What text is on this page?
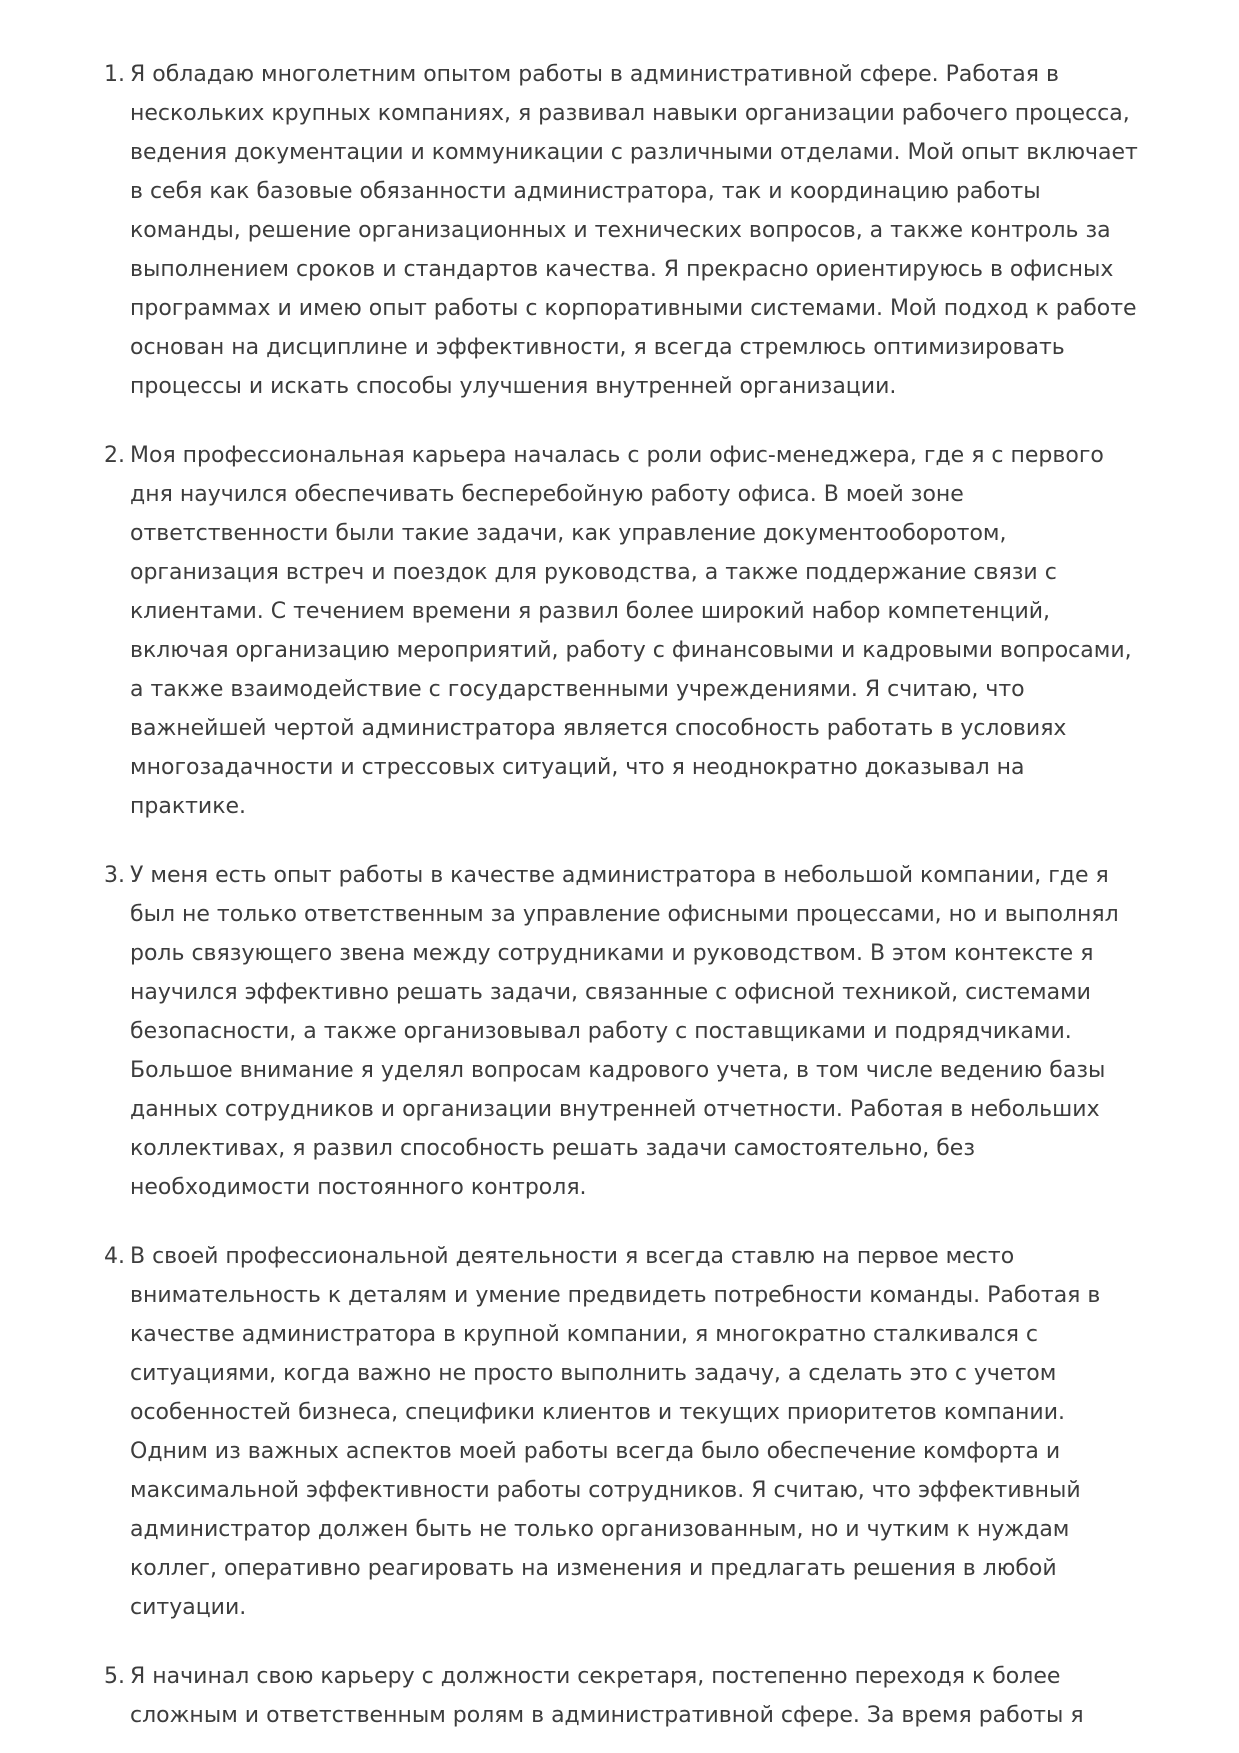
1. Я обладаю многолетним опытом работы в административной сфере. Работая в нескольких крупных компаниях, я развивал навыки организации рабочего процесса, ведения документации и коммуникации с различными отделами. Мой опыт включает в себя как базовые обязанности администратора, так и координацию работы команды, решение организационных и технических вопросов, а также контроль за выполнением сроков и стандартов качества. Я прекрасно ориентируюсь в офисных программах и имею опыт работы с корпоративными системами. Мой подход к работе основан на дисциплине и эффективности, я всегда стремлюсь оптимизировать процессы и искать способы улучшения внутренней организации.

2. Моя профессиональная карьера началась с роли офис-менеджера, где я с первого дня научился обеспечивать бесперебойную работу офиса. В моей зоне ответственности были такие задачи, как управление документооборотом, организация встреч и поездок для руководства, а также поддержание связи с клиентами. С течением времени я развил более широкий набор компетенций, включая организацию мероприятий, работу с финансовыми и кадровыми вопросами, а также взаимодействие с государственными учреждениями. Я считаю, что важнейшей чертой администратора является способность работать в условиях многозадачности и стрессовых ситуаций, что я неоднократно доказывал на практике.

3. У меня есть опыт работы в качестве администратора в небольшой компании, где я был не только ответственным за управление офисными процессами, но и выполнял роль связующего звена между сотрудниками и руководством. В этом контексте я научился эффективно решать задачи, связанные с офисной техникой, системами безопасности, а также организовывал работу с поставщиками и подрядчиками. Большое внимание я уделял вопросам кадрового учета, в том числе ведению базы данных сотрудников и организации внутренней отчетности. Работая в небольших коллективах, я развил способность решать задачи самостоятельно, без необходимости постоянного контроля.

4. В своей профессиональной деятельности я всегда ставлю на первое место внимательность к деталям и умение предвидеть потребности команды. Работая в качестве администратора в крупной компании, я многократно сталкивался с ситуациями, когда важно не просто выполнить задачу, а сделать это с учетом особенностей бизнеса, специфики клиентов и текущих приоритетов компании. Одним из важных аспектов моей работы всегда было обеспечение комфорта и максимальной эффективности работы сотрудников. Я считаю, что эффективный администратор должен быть не только организованным, но и чутким к нуждам коллег, оперативно реагировать на изменения и предлагать решения в любой ситуации.

5. Я начинал свою карьеру с должности секретаря, постепенно переходя к более сложным и ответственным ролям в административной сфере. За время работы я
